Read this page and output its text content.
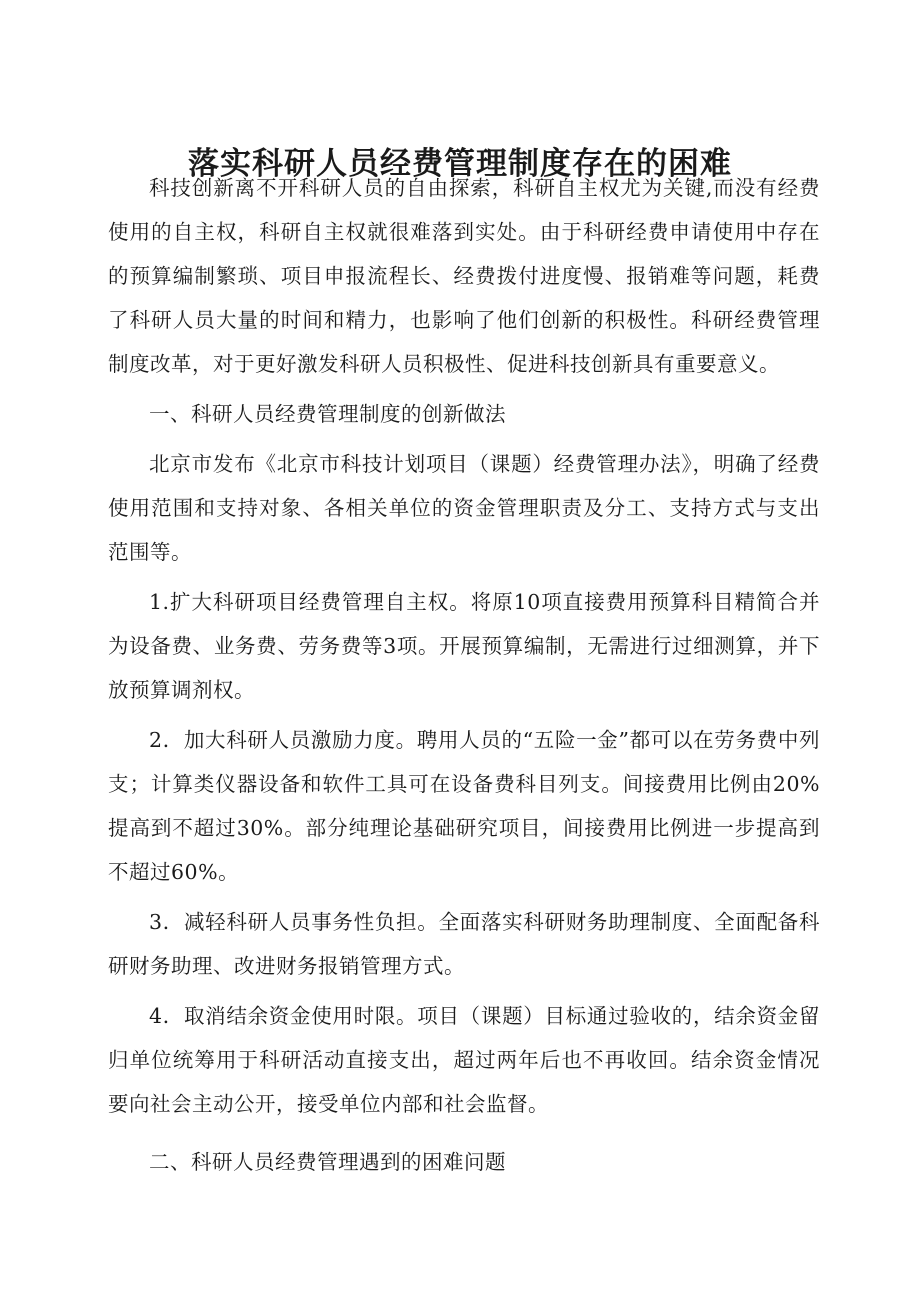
落实科研人员经费管理制度存在的困难

科技创新离不开科研人员的自由探索，科研自主权尤为关键,而没有经费使用的自主权，科研自主权就很难落到实处。由于科研经费申请使用中存在的预算编制繁琐、项目申报流程长、经费拨付进度慢、报销难等问题，耗费了科研人员大量的时间和精力，也影响了他们创新的积极性。科研经费管理制度改革，对于更好激发科研人员积极性、促进科技创新具有重要意义。

一、科研人员经费管理制度的创新做法

北京市发布《北京市科技计划项目（课题）经费管理办法》，明确了经费使用范围和支持对象、各相关单位的资金管理职责及分工、支持方式与支出范围等。

1.扩大科研项目经费管理自主权。将原10项直接费用预算科目精简合并为设备费、业务费、劳务费等3项。开展预算编制，无需进行过细测算，并下放预算调剂权。

2．加大科研人员激励力度。聘用人员的“五险一金”都可以在劳务费中列支；计算类仪器设备和软件工具可在设备费科目列支。间接费用比例由20%提高到不超过30%。部分纯理论基础研究项目，间接费用比例进一步提高到不超过60%。

3．减轻科研人员事务性负担。全面落实科研财务助理制度、全面配备科研财务助理、改进财务报销管理方式。

4．取消结余资金使用时限。项目（课题）目标通过验收的，结余资金留归单位统筹用于科研活动直接支出，超过两年后也不再收回。结余资金情况要向社会主动公开，接受单位内部和社会监督。

二、科研人员经费管理遇到的困难问题
